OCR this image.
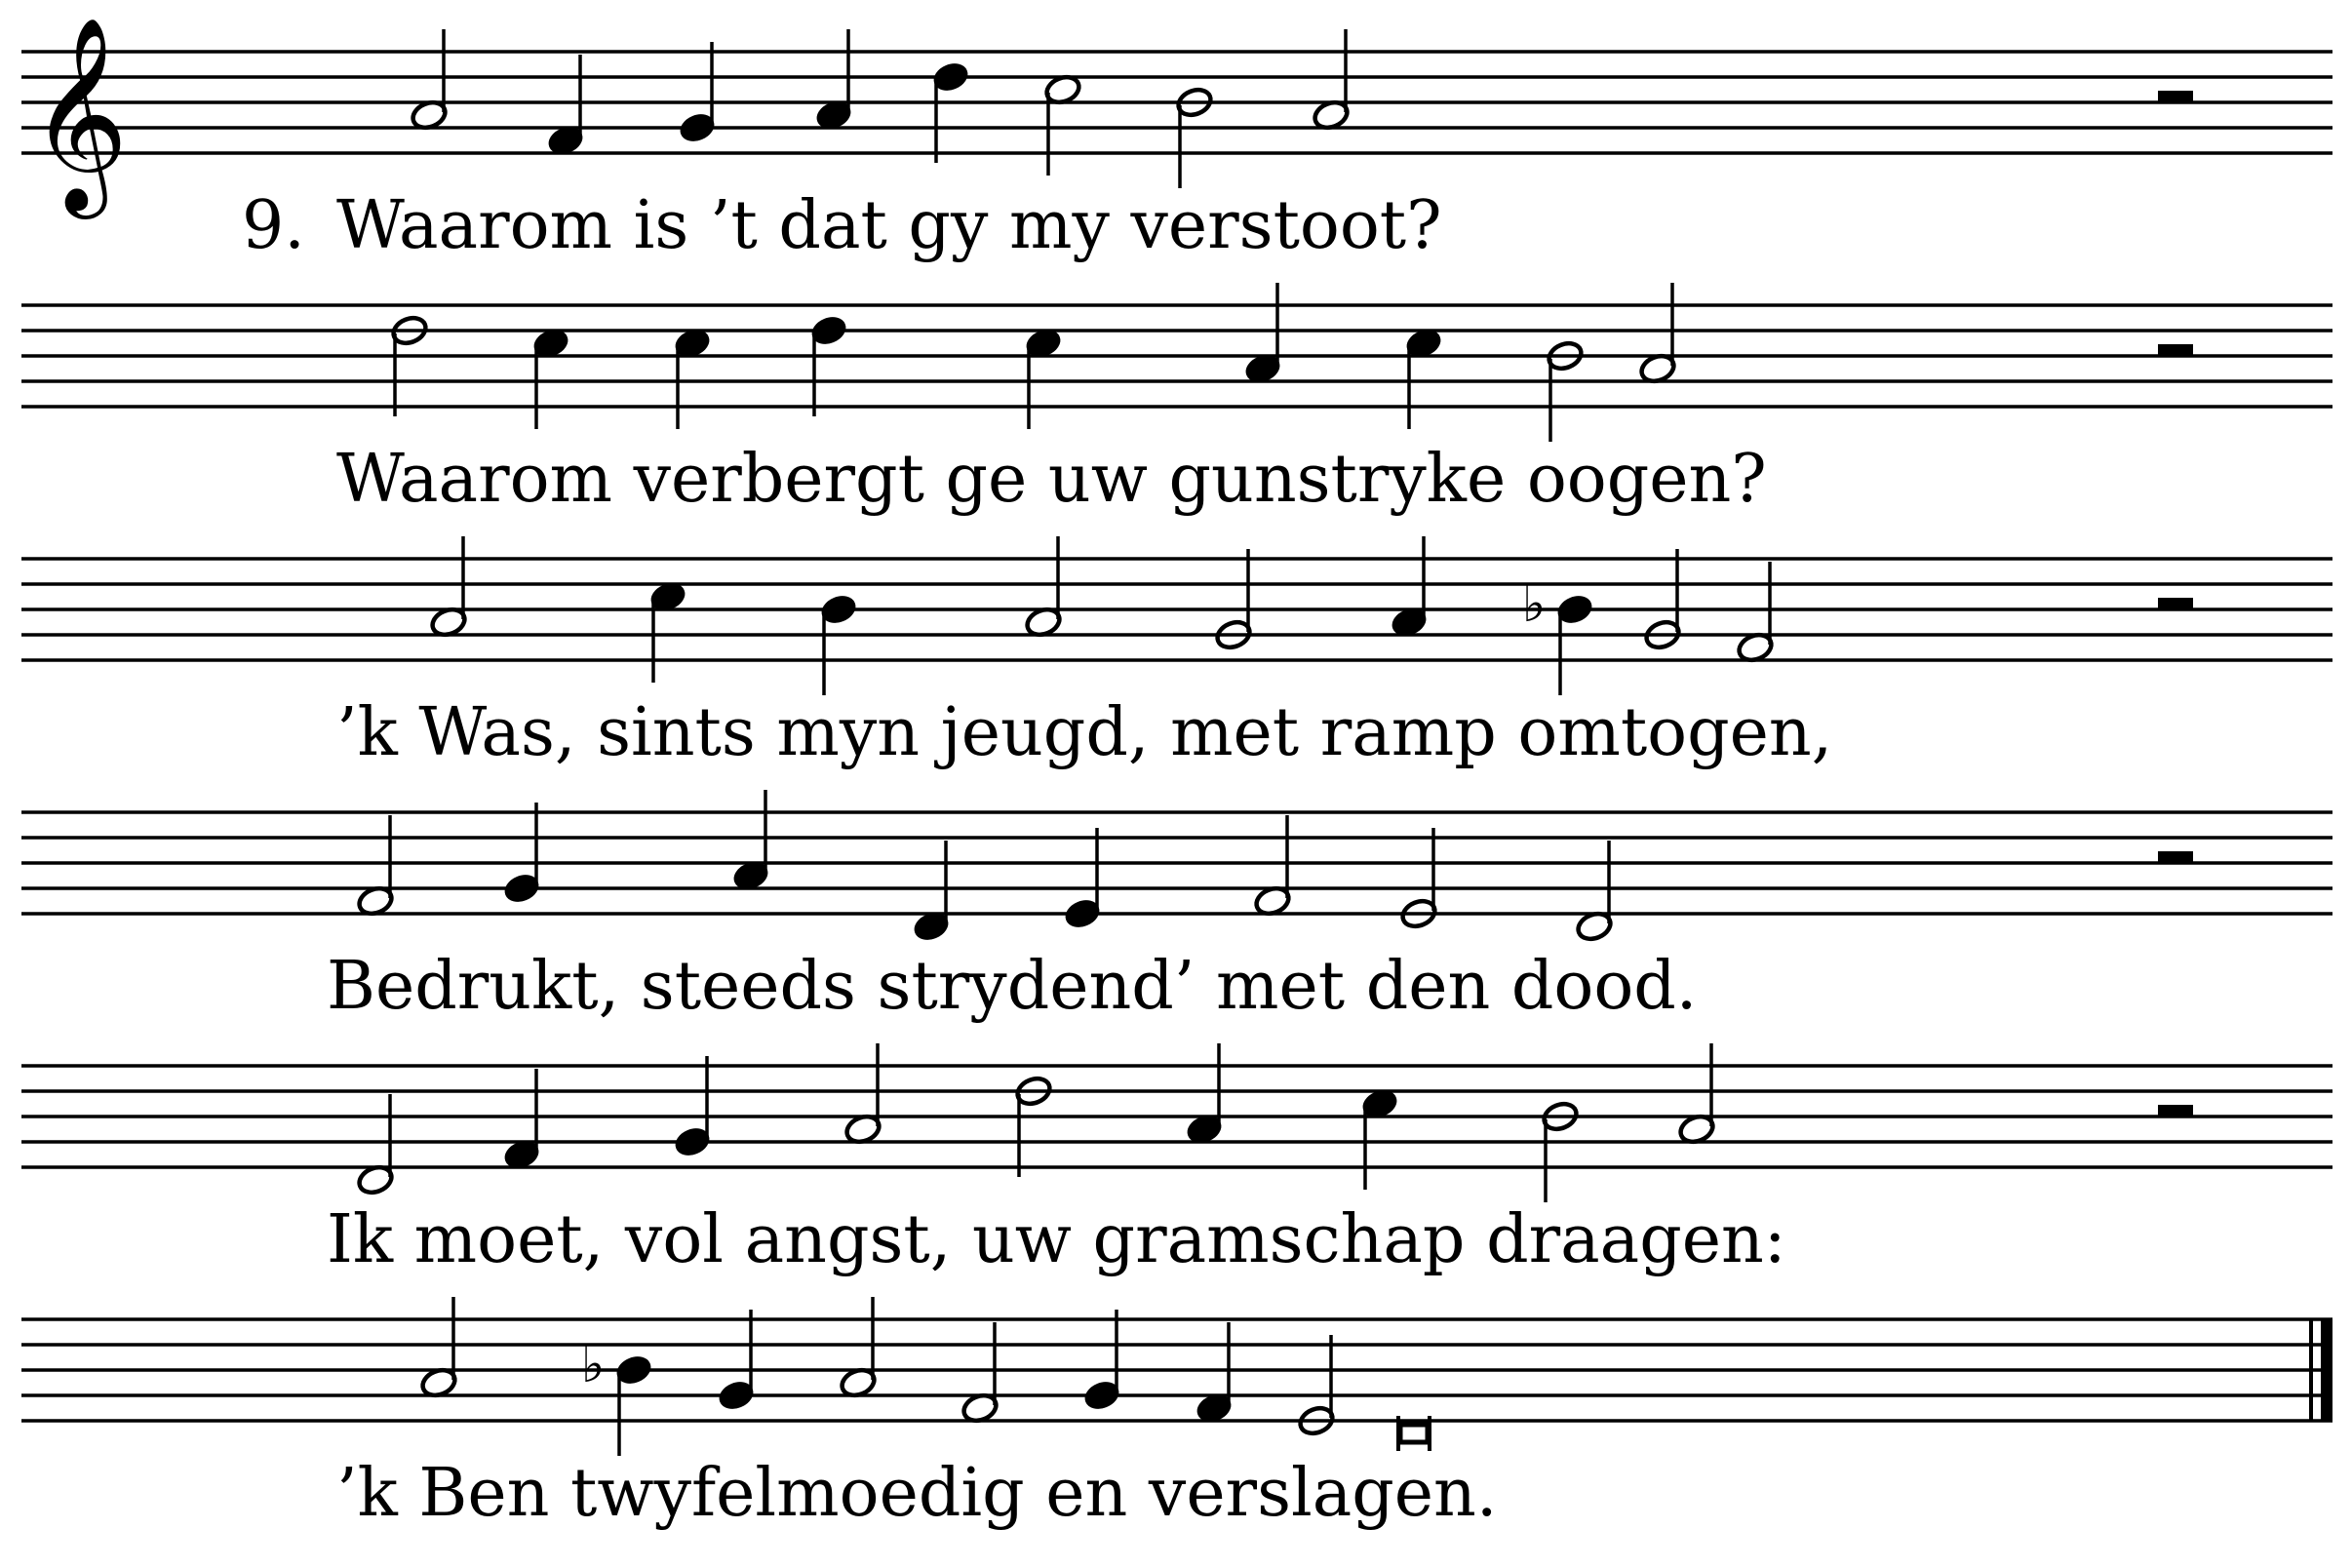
𝄞
♭
♭
9. Waarom is ’t dat gy my verstoot?
Waarom verbergt ge uw gunstryke oogen?
’k Was, sints myn jeugd, met ramp omtogen,
Bedrukt, steeds strydend’ met den dood.
Ik moet, vol angst, uw gramschap draagen:
’k Ben twyfelmoedig en verslagen.
